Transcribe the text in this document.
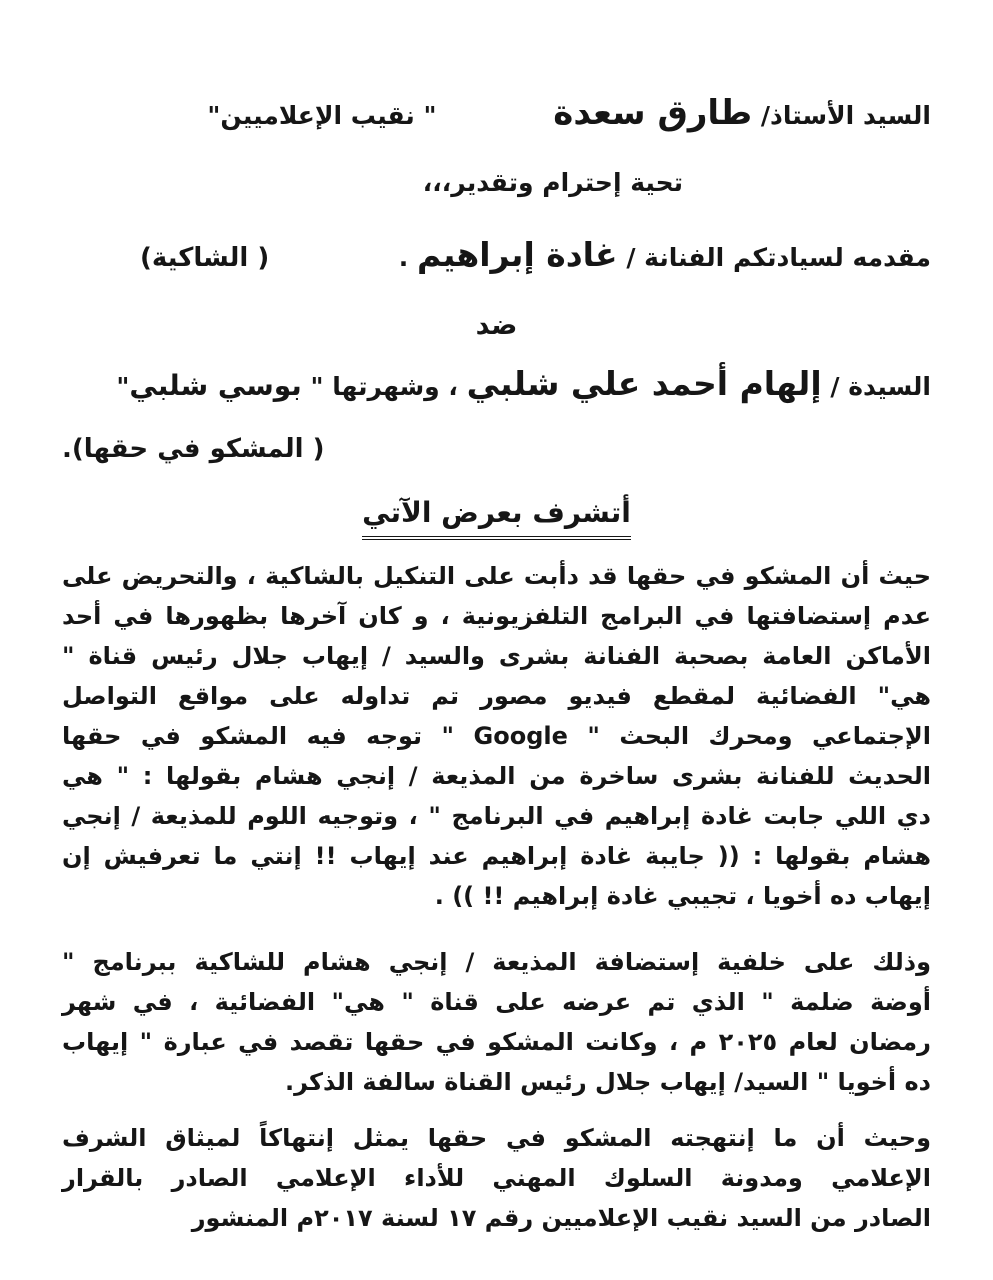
السيد الأستاذ/ طارق سعدة " نقيب الإعلاميين"
تحية إحترام وتقدير،،،
مقدمه لسيادتكم الفنانة / غادة إبراهيم .
( الشاكية)
ضد
السيدة / إلهام أحمد علي شلبي ، وشهرتها " بوسي شلبي"
( المشكو في حقها).
أتشرف بعرض الآتي
حيث أن المشكو في حقها قد دأبت على التنكيل بالشاكية ، والتحريض على
عدم إستضافتها في البرامج التلفزيونية ، و كان آخرها بظهورها في أحد
الأماكن العامة بصحبة الفنانة بشرى والسيد / إيهاب جلال رئيس قناة "
هي" الفضائية لمقطع فيديو مصور تم تداوله على مواقع التواصل
الإجتماعي ومحرك البحث " Google " توجه فيه المشكو في حقها
الحديث للفنانة بشرى ساخرة من المذيعة / إنجي هشام بقولها : " هي
دي اللي جابت غادة إبراهيم في البرنامج " ، وتوجيه اللوم للمذيعة / إنجي
هشام بقولها : (( جايبة غادة إبراهيم عند إيهاب !! إنتي ما تعرفيش إن
إيهاب ده أخويا ، تجيبي غادة إبراهيم !! )) .
وذلك على خلفية إستضافة المذيعة / إنجي هشام للشاكية ببرنامج "
أوضة ضلمة " الذي تم عرضه على قناة " هي" الفضائية ، في شهر
رمضان لعام ٢٠٢٥ م ، وكانت المشكو في حقها تقصد في عبارة " إيهاب
ده أخويا " السيد/ إيهاب جلال رئيس القناة سالفة الذكر.
وحيث أن ما إنتهجته المشكو في حقها يمثل إنتهاكاً لميثاق الشرف
الإعلامي ومدونة السلوك المهني للأداء الإعلامي الصادر بالقرار
الصادر من السيد نقيب الإعلاميين رقم ١٧ لسنة ٢٠١٧م المنشور
